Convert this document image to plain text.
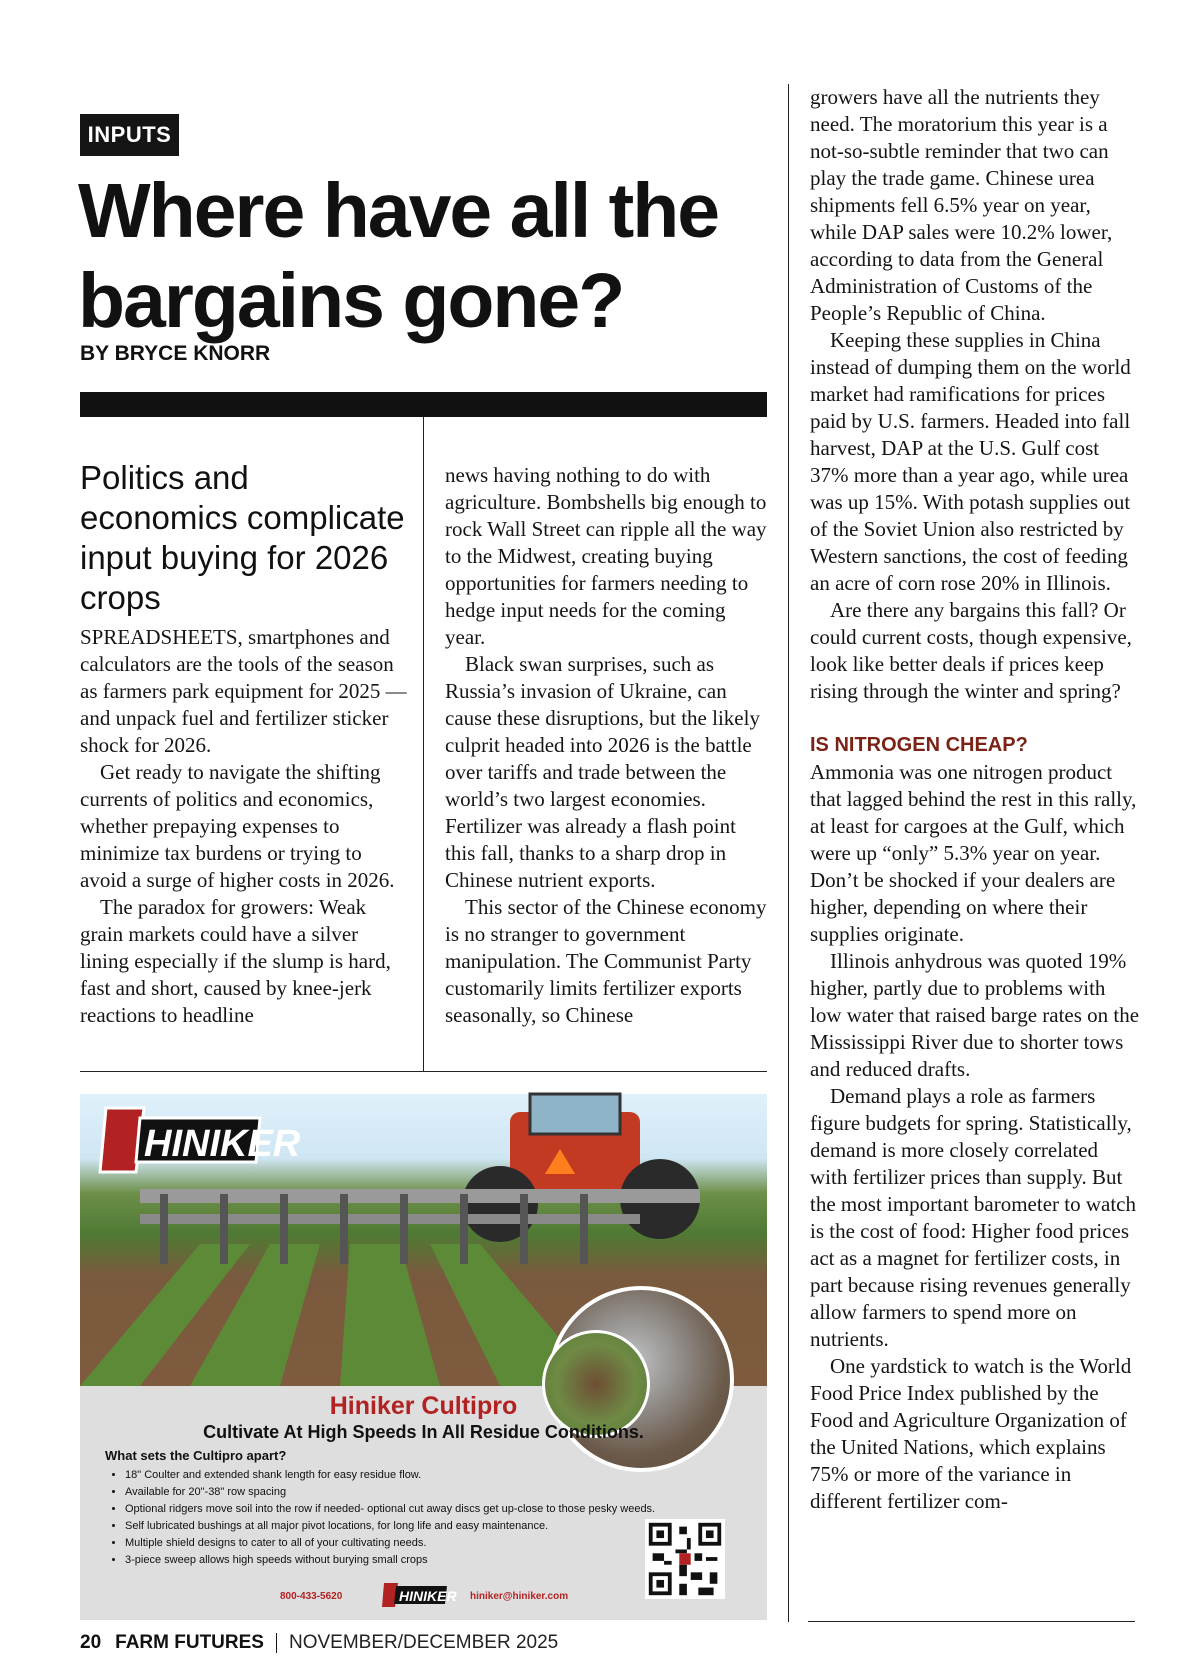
INPUTS
Where have all the bargains gone?
BY BRYCE KNORR
Politics and economics complicate input buying for 2026 crops

SPREADSHEETS, smartphones and calculators are the tools of the season as farmers park equipment for 2025 — and unpack fuel and fertilizer sticker shock for 2026.

Get ready to navigate the shifting currents of politics and economics, whether prepaying expenses to minimize tax burdens or trying to avoid a surge of higher costs in 2026.

The paradox for growers: Weak grain markets could have a silver lining especially if the slump is hard, fast and short, caused by knee-jerk reactions to headline

news having nothing to do with agriculture. Bombshells big enough to rock Wall Street can ripple all the way to the Midwest, creating buying opportunities for farmers needing to hedge input needs for the coming year.

Black swan surprises, such as Russia’s invasion of Ukraine, can cause these disruptions, but the likely culprit headed into 2026 is the battle over tariffs and trade between the world’s two largest economies. Fertilizer was already a flash point this fall, thanks to a sharp drop in Chinese nutrient exports.

This sector of the Chinese economy is no stranger to government manipulation. The Communist Party customarily limits fertilizer exports seasonally, so Chinese

growers have all the nutrients they need. The moratorium this year is a not-so-subtle reminder that two can play the trade game. Chinese urea shipments fell 6.5% year on year, while DAP sales were 10.2% lower, according to data from the General Administration of Customs of the People’s Republic of China.

Keeping these supplies in China instead of dumping them on the world market had ramifications for prices paid by U.S. farmers. Headed into fall harvest, DAP at the U.S. Gulf cost 37% more than a year ago, while urea was up 15%. With potash supplies out of the Soviet Union also restricted by Western sanctions, the cost of feeding an acre of corn rose 20% in Illinois.

Are there any bargains this fall? Or could current costs, though expensive, look like better deals if prices keep rising through the winter and spring?

IS NITROGEN CHEAP?

Ammonia was one nitrogen product that lagged behind the rest in this rally, at least for cargoes at the Gulf, which were up “only” 5.3% year on year. Don’t be shocked if your dealers are higher, depending on where their supplies originate.

Illinois anhydrous was quoted 19% higher, partly due to problems with low water that raised barge rates on the Mississippi River due to shorter tows and reduced drafts.

Demand plays a role as farmers figure budgets for spring. Statistically, demand is more closely correlated with fertilizer prices than supply. But the most important barometer to watch is the cost of food: Higher food prices act as a magnet for fertilizer costs, in part because rising revenues generally allow farmers to spend more on nutrients.

One yardstick to watch is the World Food Price Index published by the Food and Agriculture Organization of the United Nations, which explains 75% or more of the variance in different fertilizer com-

HINIKER
Hiniker Cultipro
Cultivate At High Speeds In All Residue Conditions.
What sets the Cultipro apart?
• 18" Coulter and extended shank length for easy residue flow.
• Available for 20"-38" row spacing
• Optional ridgers move soil into the row if needed- optional cut away discs get up-close to those pesky weeds.
• Self lubricated bushings at all major pivot locations, for long life and easy maintenance.
• Multiple shield designs to cater to all of your cultivating needs.
• 3-piece sweep allows high speeds without burying small crops
800-433-5620	HINIKER hiniker@hiniker.com
20 FARM FUTURES NOVEMBER/DECEMBER 2025
